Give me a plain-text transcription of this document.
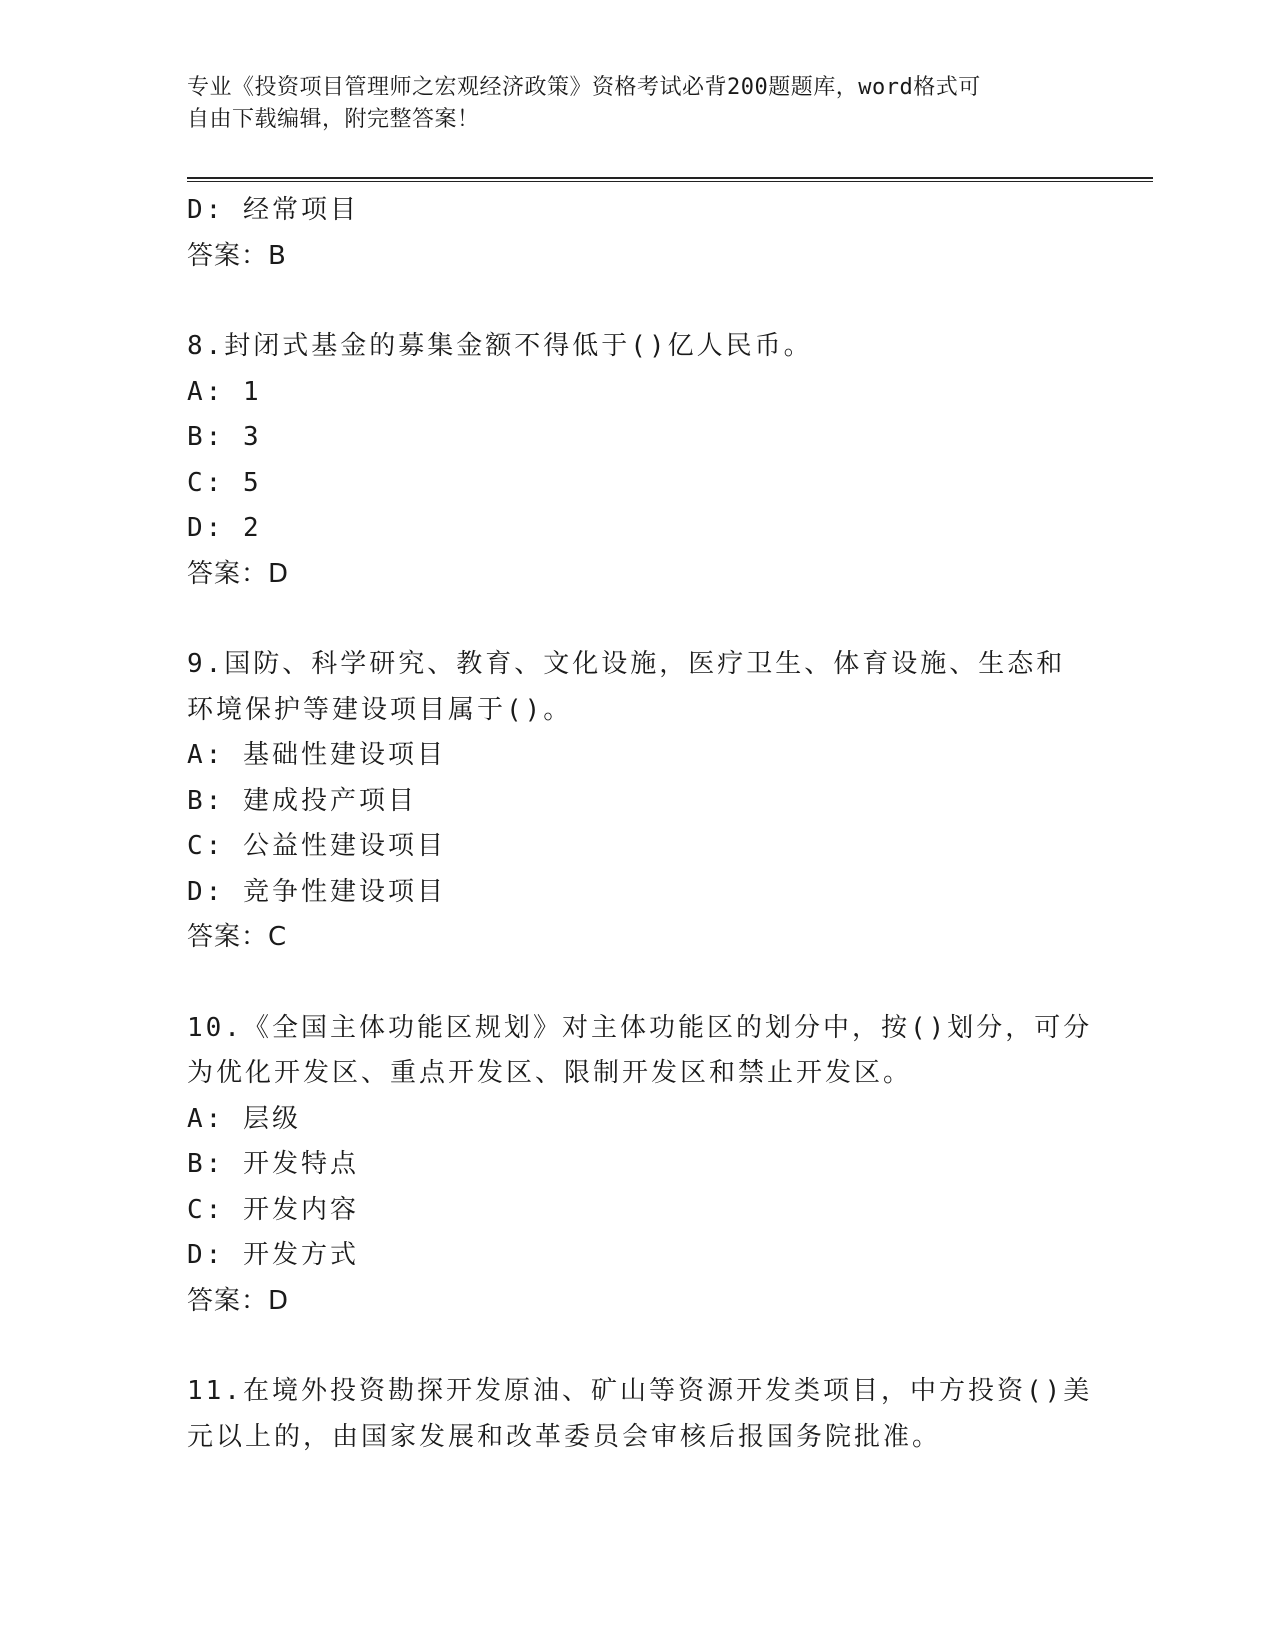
专业《投资项目管理师之宏观经济政策》资格考试必背200题题库，word格式可
自由下载编辑，附完整答案！
D: 经常项目
答案：B
8.封闭式基金的募集金额不得低于()亿人民币。
A: 1
B: 3
C: 5
D: 2
答案：D
9.国防、科学研究、教育、文化设施，医疗卫生、体育设施、生态和
环境保护等建设项目属于()。
A: 基础性建设项目
B: 建成投产项目
C: 公益性建设项目
D: 竞争性建设项目
答案：C
10.《全国主体功能区规划》对主体功能区的划分中，按()划分，可分
为优化开发区、重点开发区、限制开发区和禁止开发区。
A: 层级
B: 开发特点
C: 开发内容
D: 开发方式
答案：D
11.在境外投资勘探开发原油、矿山等资源开发类项目，中方投资()美
元以上的，由国家发展和改革委员会审核后报国务院批准。
